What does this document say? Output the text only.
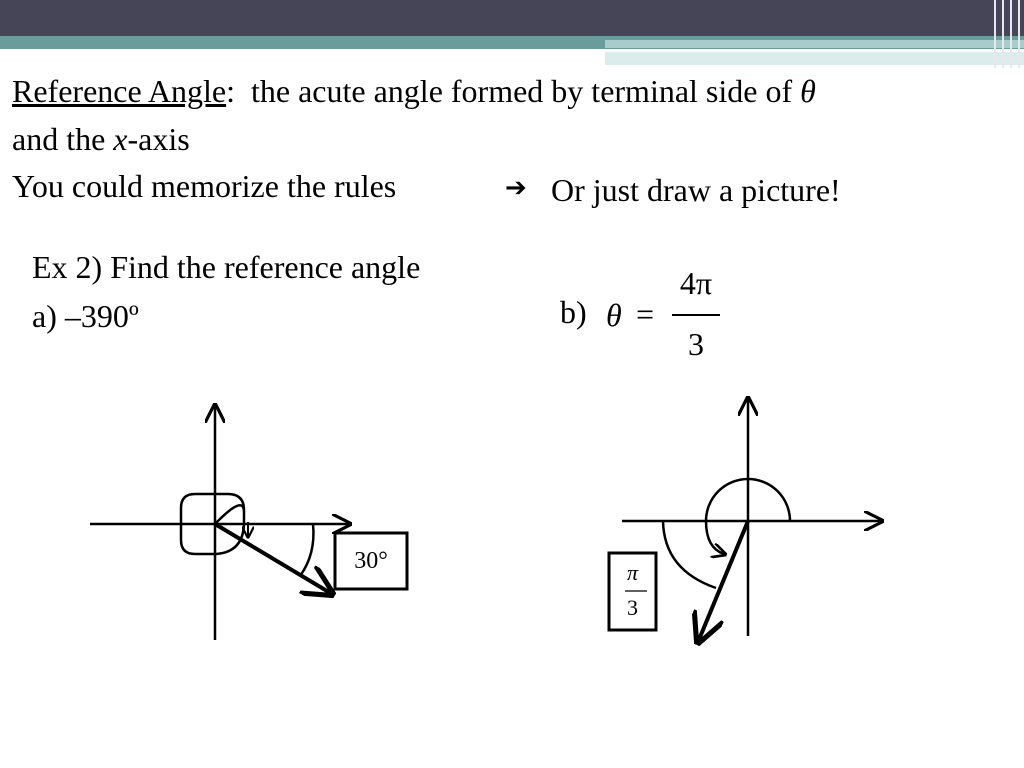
Reference Angle: the acute angle formed by terminal side of θ
and the x-axis
You could memorize the rules	➔ Or just draw a picture!
Ex 2) Find the reference angle
a) –390º	b) θ =
4π
3
30°	π
3
